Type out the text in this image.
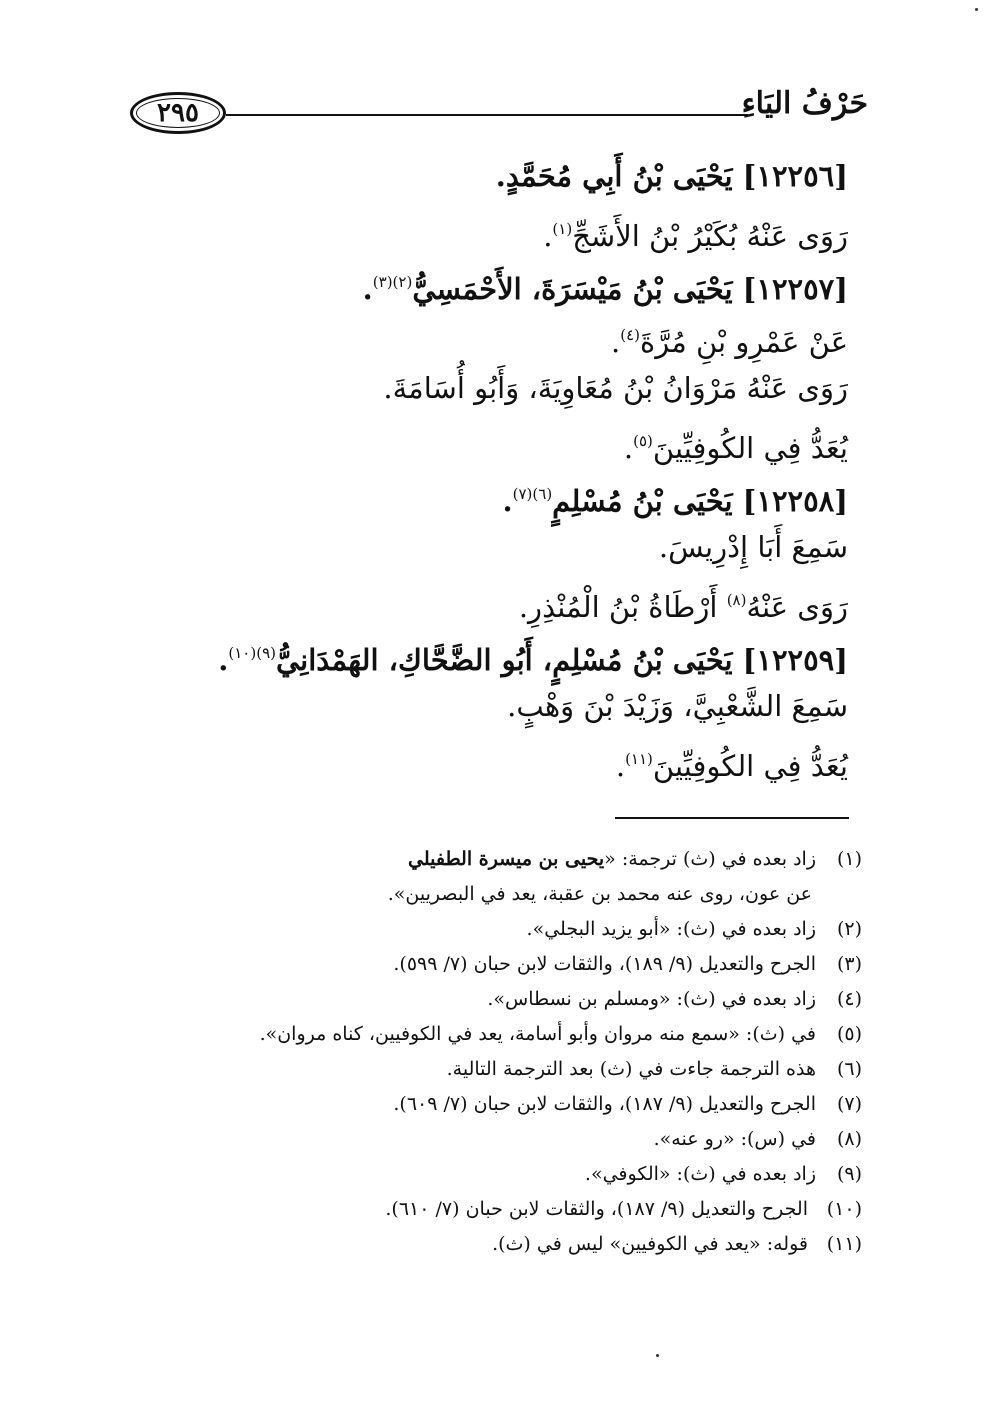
٢٩٥	حَرْفُ اليَاءِ
[١٢٢٥٦] يَحْيَى بْنُ أَبِي مُحَمَّدٍ.
رَوَى عَنْهُ بُكَيْرُ بْنُ الأَشَجِّ$^{(١)}$.
[١٢٢٥٧] يَحْيَى بْنُ مَيْسَرَةَ، الأَحْمَسِيُّ$^{(٢)(٣)}$.
عَنْ عَمْرِو بْنِ مُرَّةَ$^{(٤)}$.
رَوَى عَنْهُ مَرْوَانُ بْنُ مُعَاوِيَةَ، وَأَبُو أُسَامَةَ.
يُعَدُّ فِي الكُوفِيِّينَ$^{(٥)}$.
[١٢٢٥٨] يَحْيَى بْنُ مُسْلِمٍ$^{(٦)(٧)}$.
سَمِعَ أَبَا إِدْرِيسَ.
رَوَى عَنْهُ$^{(٨)}$ أَرْطَاةُ بْنُ الْمُنْذِرِ.
[١٢٢٥٩] يَحْيَى بْنُ مُسْلِمٍ، أَبُو الضَّحَّاكِ، الهَمْدَانِيُّ$^{(٩)(١٠)}$.
سَمِعَ الشَّعْبِيَّ، وَزَيْدَ بْنَ وَهْبٍ.
يُعَدُّ فِي الكُوفِيِّينَ$^{(١١)}$.
(١)
زاد بعده في (ث) ترجمة: «يحيى بن ميسرة الطفيلي
عن عون، روى عنه محمد بن عقبة، يعد في البصريين».
(٢)
زاد بعده في (ث): «أبو يزيد البجلي».
(٣)
الجرح والتعديل (٩/ ١٨٩)، والثقات لابن حبان (٧/ ٥٩٩).
(٤)
زاد بعده في (ث): «ومسلم بن نسطاس».
(٥)
في (ث): «سمع منه مروان وأبو أسامة، يعد في الكوفيين، كناه مروان».
(٦)
هذه الترجمة جاءت في (ث) بعد الترجمة التالية.
(٧)
الجرح والتعديل (٩/ ١٨٧)، والثقات لابن حبان (٧/ ٦٠٩).
(٨)
في (س): «رو عنه».
(٩)
زاد بعده في (ث): «الكوفي».
(١٠)
الجرح والتعديل (٩/ ١٨٧)، والثقات لابن حبان (٧/ ٦١٠).
(١١)
قوله: «يعد في الكوفيين» ليس في (ث).
